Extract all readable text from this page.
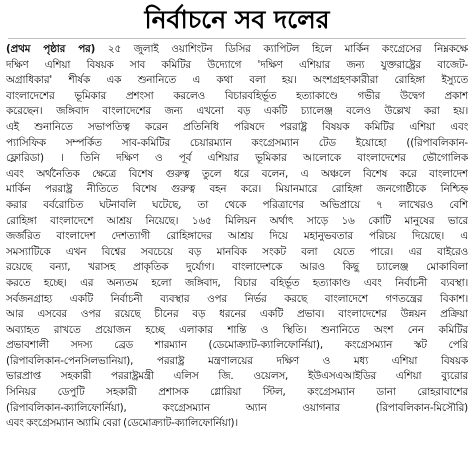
নির্বাচনে সব দলের
(প্রথম পৃষ্ঠার পর) ২৫ জুলাই ওয়াশিংটন ডিসির ক্যাপিটল হিলে মার্কিন কংগ্রেসের নিম্নকক্ষে
দক্ষিণ এশিয়া বিষয়ক সাব কমিটির উদ্যোগে 'দক্ষিণ এশিয়ার জন্য যুক্তরাষ্ট্রের বাজেট-
অগ্রাধিকার' শীর্ষক এক শুনানিতে এ কথা বলা হয়। অংশগ্রহণকারীরা রোহিঙ্গা ইস্যুতে
বাংলাদেশের ভূমিকার প্রশংসা করলেও বিচারবহির্ভূত হত্যাকাণ্ডে গভীর উদ্বেগ প্রকাশ
করেছেন। জঙ্গিবাদ বাংলাদেশের জন্য এখনো বড় একটি চ্যালেঞ্জ বলেও উল্লেখ করা হয়।
এই শুনানিতে সভাপতিত্ব করেন প্রতিনিধি পরিষদে পররাষ্ট্র বিষয়ক কমিটির এশিয়া এবং
প্যাসিফিক সম্পর্কিত সাব-কমিটির চেয়ারম্যান কংগ্রেসম্যান টেড ইয়োহো ((রিপাবলিকান-
ফ্লোরিডা) । তিনি দক্ষিণ ও পূর্ব এশিয়ার ভূমিকার আলোকে বাংলাদেশের ভৌগোলিক
এবং অর্থনৈতিক ক্ষেত্রে বিশেষ গুরুত্ব তুলে ধরে বলেন, এ অঞ্চলে বিশেষ করে বাংলাদেশ
মার্কিন পররাষ্ট্র নীতিতে বিশেষ গুরুত্ব বহন করে। মিয়ানমারে রোহিঙ্গা জনগোষ্ঠীকে নিশ্চিহ্ন
করার বর্বরোচিত ঘটনাবলি ঘটেছে, তা থেকে পরিত্রাণের অভিপ্রায়ে ৭ লাখেরও বেশি
রোহিঙ্গা বাংলাদেশে আশ্রয় নিয়েছে। ১৬৫ মিলিয়ন অর্থাৎ সাড়ে ১৬ কোটি মানুষের ভারে
জর্জরিত বাংলাদেশ দেশত্যাগী রোহিঙ্গাদের আশ্রয় দিয়ে মহানুভবতার পরিচয় দিয়েছে। এ
সমস্যাটিকে এখন বিশ্বের সবচেয়ে বড় মানবিক সংকট বলা যেতে পারে। এর বাইরেও
রয়েছে বন্যা, খরাসহ প্রাকৃতিক দুর্যোগ। বাংলাদেশকে আরও কিছু চ্যালেঞ্জ মোকাবিলা
করতে হচ্ছে। এর অন্যতম হলো জঙ্গিবাদ, বিচার বহির্ভূত হত্যাকাণ্ড এবং নির্বাচনী ব্যবস্থা।
সর্বজনগ্রাহ্য একটি নির্বাচনী ব্যবস্থার ওপর নির্ভর করছে বাংলাদেশে গণতন্ত্রের বিকাশ।
আর এসবের ওপর রয়েছে চীনের বড় ধরনের একটি প্রভাব। বাংলাদেশের উন্নয়ন প্রক্রিয়া
অব্যাহত রাখতে প্রয়োজন হচ্ছে এলাকার শান্তি ও স্থিতি। শুনানিতে অংশ নেন কমিটির
প্রভাবশালী সদস্য ব্রেড শারম্যান (ডেমোক্র্যাট-ক্যালিফোর্নিয়া), কংগ্রেসম্যান স্কট পেরি
(রিপাবলিকান-পেনসিলভানিয়া), পররাষ্ট্র মন্ত্রণালয়ের দক্ষিণ ও মধ্য এশিয়া বিষয়ক
ভারপ্রাপ্ত সহকারী পররাষ্ট্রমন্ত্রী এলিস জি. ওয়েলস, ইউএসএআইডির এশিয়া ব্যুরোর
সিনিয়র ডেপুটি সহকারী প্রশাসক গ্লোরিয়া স্টিল, কংগ্রেসম্যান ডানা রোহরাবাশের
(রিপাবলিকান-ক্যালিফোর্নিয়া), কংগ্রেসম্যান অ্যান ওয়াগনার (রিপাবলিকান-মিসৌরি)
এবং কংগ্রেসম্যান অ্যামি বেরা (ডেমোক্র্যাট-ক্যালিফোর্নিয়া)।
